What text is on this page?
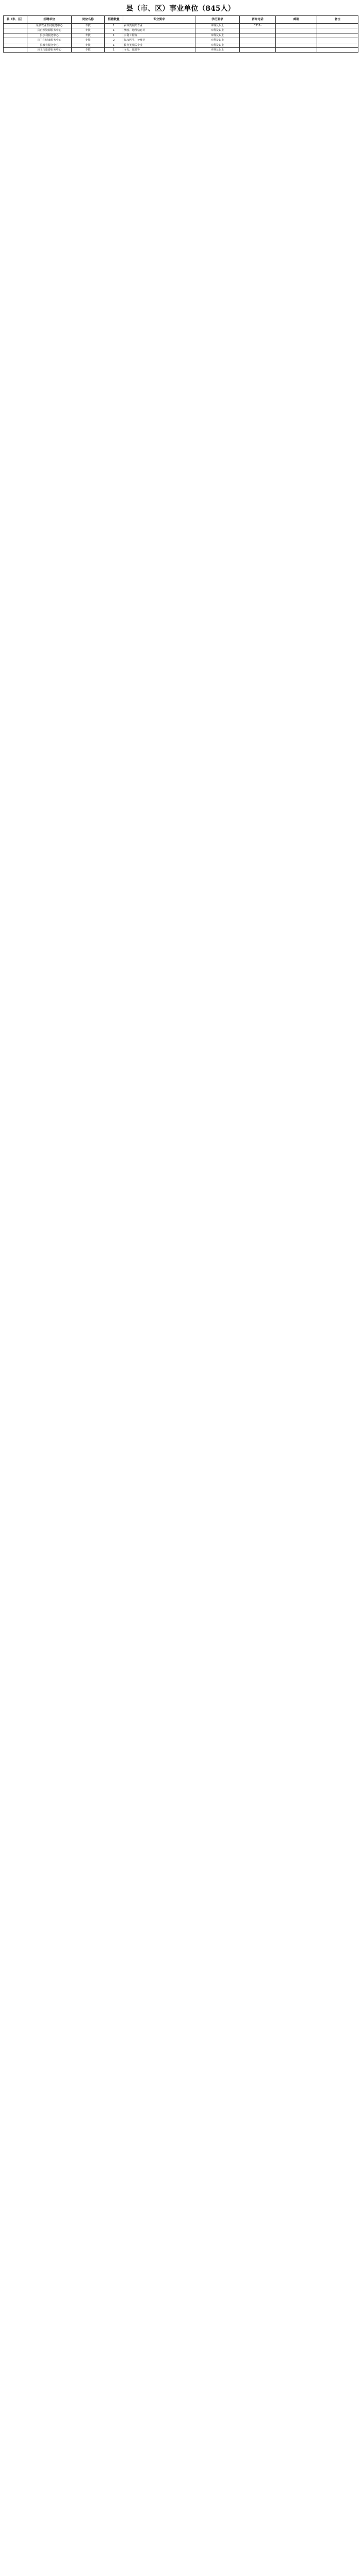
县（市、区）事业单位（845人）
县（市、区）	招聘单位	岗位名称	招聘数量	专业要求	学历要求	咨询电话	邮箱	备注
	某县农业农村服务中心	专技	1	农林类相关专业	本科及以上	0311-		
	县自然资源服务中心	专技	1	测绘、地理信息等	本科及以上			
	县水利服务中心	专技	1	水利工程等	本科及以上			
	县卫生健康服务中心	专技	2	临床医学、护理等	本科及以上			
	县教育服务中心	专技	1	教育类相关专业	本科及以上			
	县文化旅游服务中心	专技	1	文化、旅游等	本科及以上			
